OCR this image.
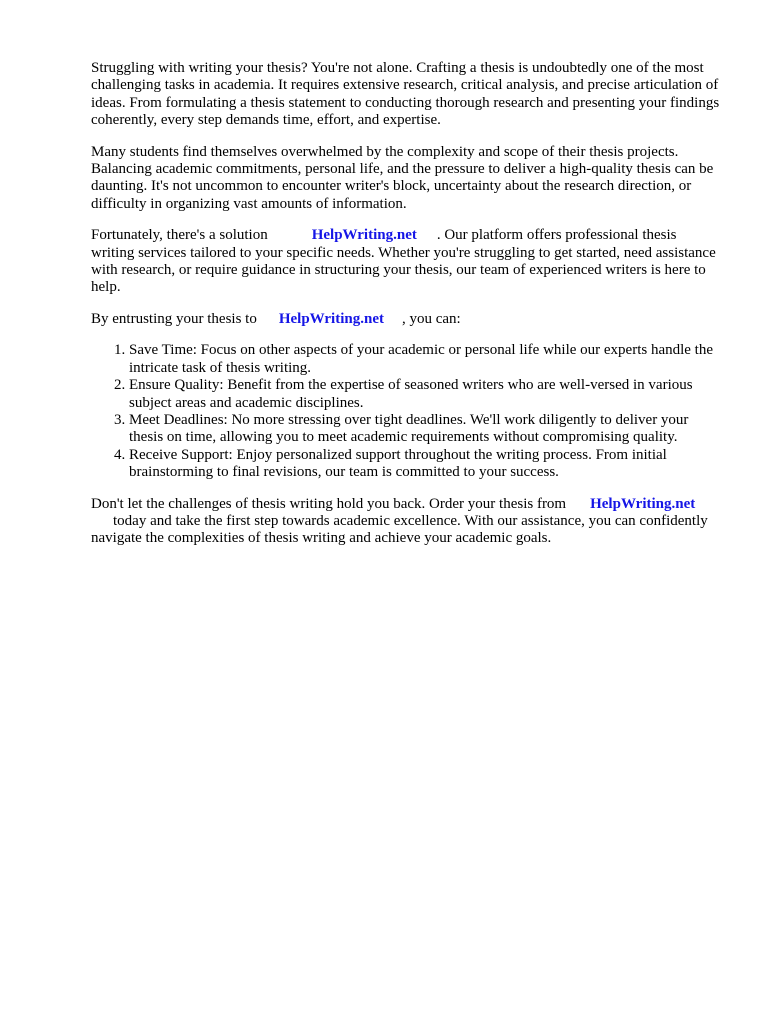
Struggling with writing your thesis? You're not alone. Crafting a thesis is undoubtedly one of the most challenging tasks in academia. It requires extensive research, critical analysis, and precise articulation of ideas. From formulating a thesis statement to conducting thorough research and presenting your findings coherently, every step demands time, effort, and expertise.

Many students find themselves overwhelmed by the complexity and scope of their thesis projects. Balancing academic commitments, personal life, and the pressure to deliver a high-quality thesis can be daunting. It's not uncommon to encounter writer's block, uncertainty about the research direction, or difficulty in organizing vast amounts of information.

Fortunately, there's a solution	HelpWriting.net . Our platform offers professional thesis writing services tailored to your specific needs. Whether you're struggling to get started, need assistance with research, or require guidance in structuring your thesis, our team of experienced writers is here to help.

By entrusting your thesis to HelpWriting.net , you can:

1. Save Time: Focus on other aspects of your academic or personal life while our experts handle the intricate task of thesis writing.
2. Ensure Quality: Benefit from the expertise of seasoned writers who are well-versed in various subject areas and academic disciplines.
3. Meet Deadlines: No more stressing over tight deadlines. We'll work diligently to deliver your thesis on time, allowing you to meet academic requirements without compromising quality.
4. Receive Support: Enjoy personalized support throughout the writing process. From initial brainstorming to final revisions, our team is committed to your success.

Don't let the challenges of thesis writing hold you back. Order your thesis from HelpWriting.net
today and take the first step towards academic excellence. With our assistance, you can confidently navigate the complexities of thesis writing and achieve your academic goals.
